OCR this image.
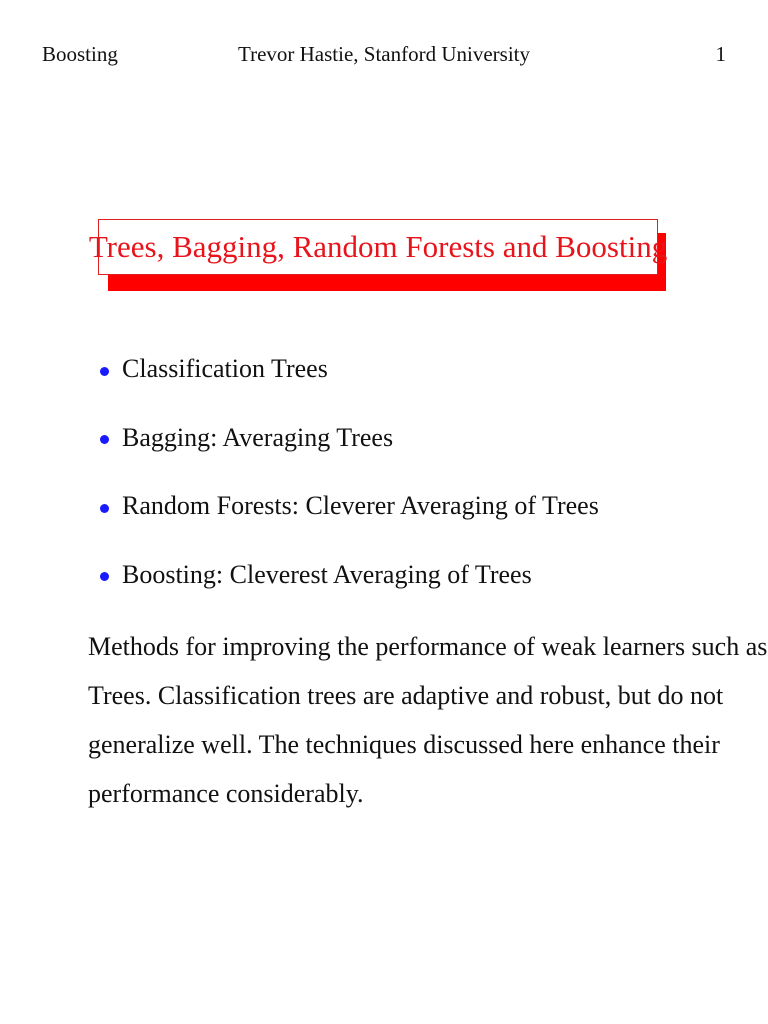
Boosting	Trevor Hastie, Stanford University	1
Trees, Bagging, Random Forests and Boosting
Classification Trees
Bagging: Averaging Trees
Random Forests: Cleverer Averaging of Trees
Boosting: Cleverest Averaging of Trees
Methods for improving the performance of weak learners such as
Trees. Classification trees are adaptive and robust, but do not
generalize well. The techniques discussed here enhance their
performance considerably.
